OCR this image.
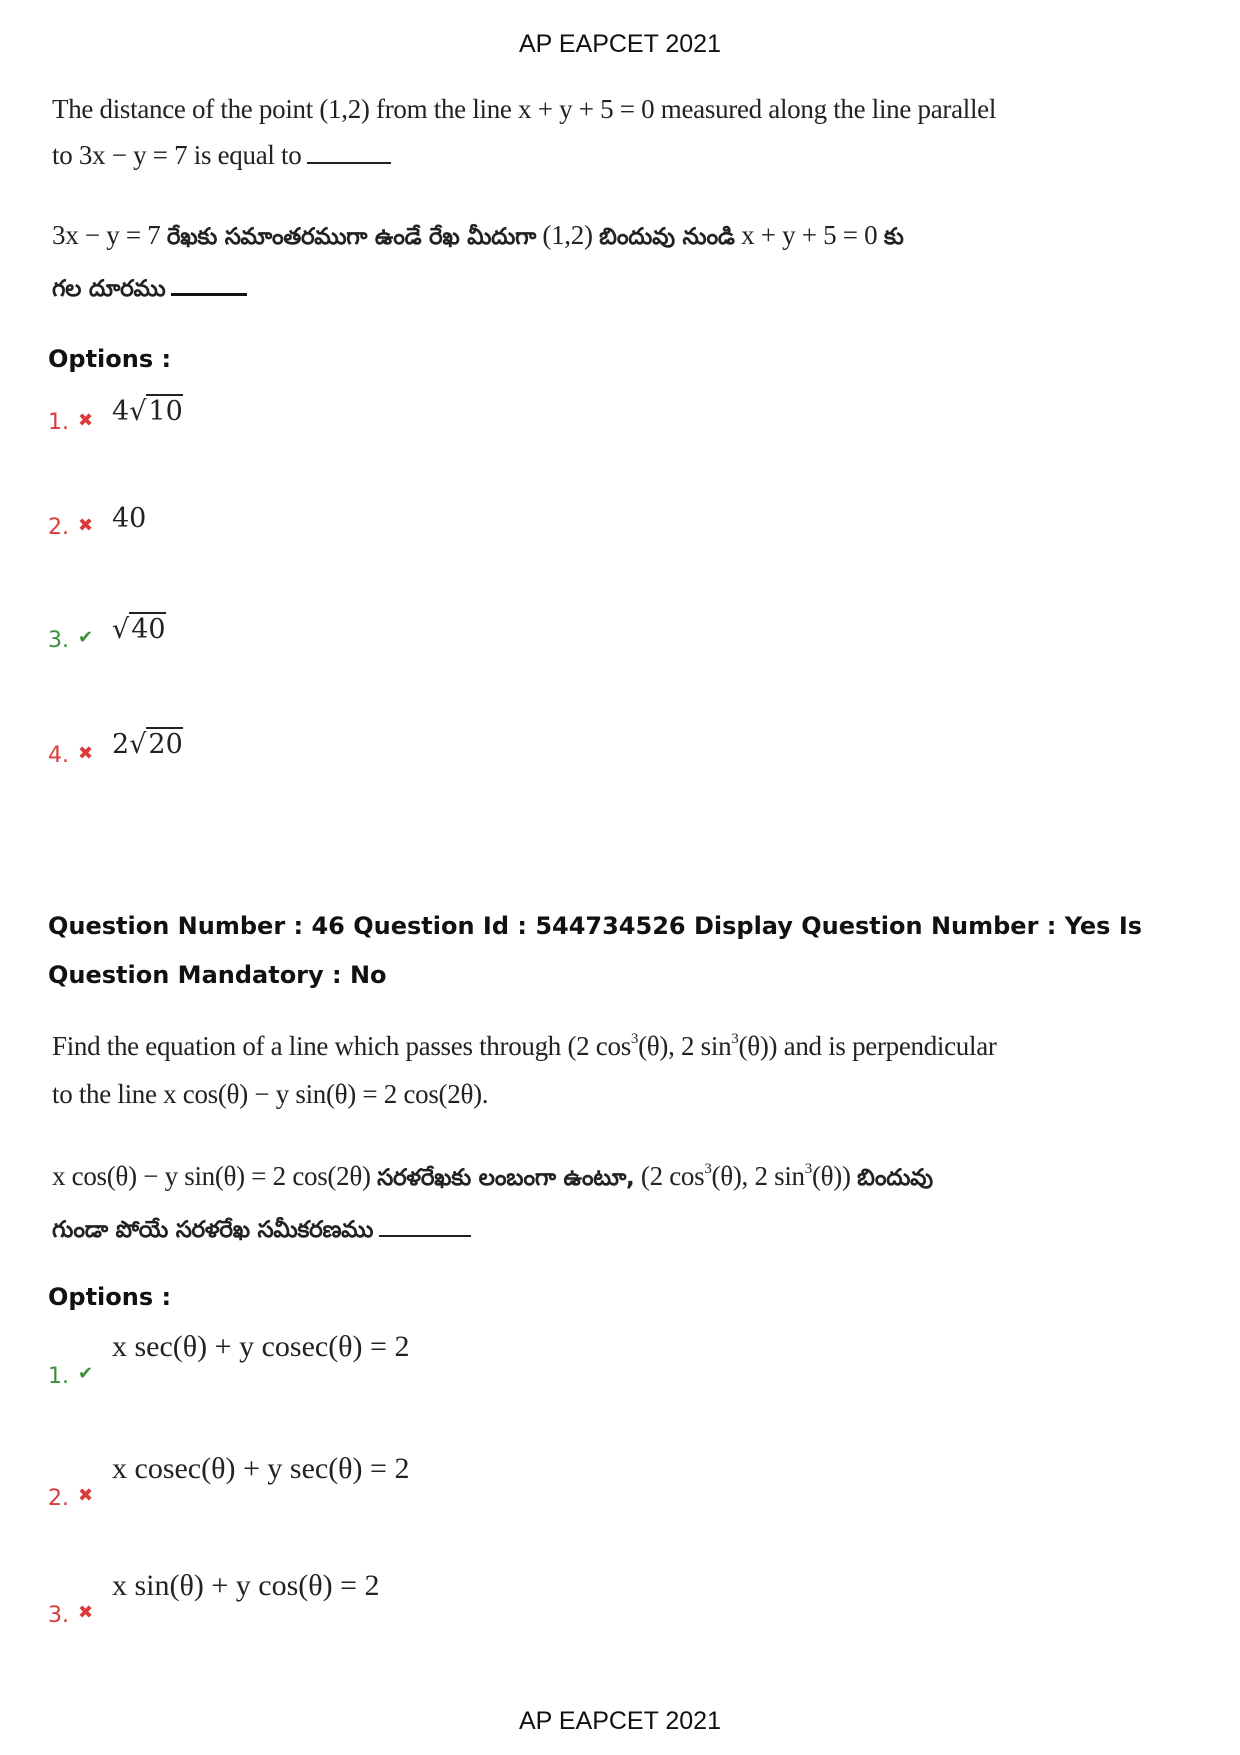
AP EAPCET 2021
The distance of the point (1,2) from the line x + y + 5 = 0 measured along the line parallel
to 3x − y = 7 is equal to
3x − y = 7 రేఖకు సమాంతరముగా ఉండే రేఖ మీదుగా (1,2) బిందువు నుండి x + y + 5 = 0 కు
గల దూరము
Options :
1. ✖ 4√10
2. ✖ 40
3. ✔ √40
4. ✖ 2√20
Question Number : 46 Question Id : 544734526 Display Question Number : Yes Is Question Mandatory : No
Find the equation of a line which passes through (2 $\cos^3(\theta)$, 2 $\sin^3(\theta)$) and is perpendicular
to the line x cos(θ) − y sin(θ) = 2 cos(2θ).
x cos(θ) − y sin(θ) = 2 cos(2θ) సరళరేఖకు లంబంగా ఉంటూ, (2 $\cos^3(\theta)$, 2 $\sin^3(\theta)$) బిందువు
గుండా పోయే సరళరేఖ సమీకరణము
Options :
1. ✔
x sec(θ) + y cosec(θ) = 2
2. ✖
x cosec(θ) + y sec(θ) = 2
3. ✖
x sin(θ) + y cos(θ) = 2
AP EAPCET 2021
